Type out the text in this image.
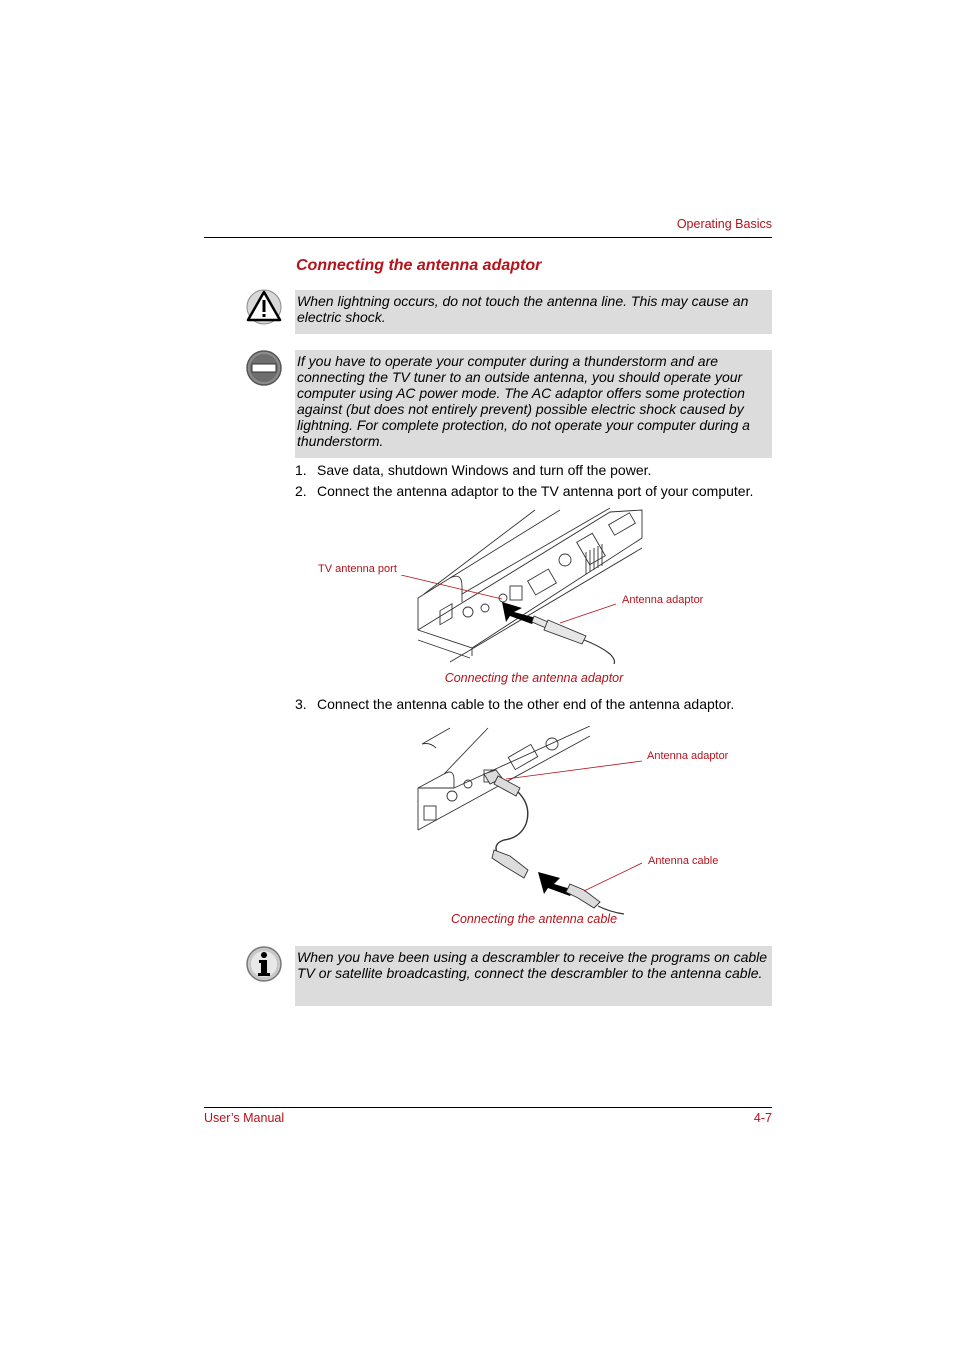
Operating Basics
Connecting the antenna adaptor
When lightning occurs, do not touch the antenna line. This may cause an electric shock.
If you have to operate your computer during a thunderstorm and are connecting the TV tuner to an outside antenna, you should operate your computer using AC power mode. The AC adaptor offers some protection against (but does not entirely prevent) possible electric shock caused by lightning. For complete protection, do not operate your computer during a thunderstorm.
1. Save data, shutdown Windows and turn off the power.
2. Connect the antenna adaptor to the TV antenna port of your computer.
TV antenna port
Antenna adaptor
Connecting the antenna adaptor
3. Connect the antenna cable to the other end of the antenna adaptor.
Antenna adaptor
Antenna cable
Connecting the antenna cable
When you have been using a descrambler to receive the programs on cable TV or satellite broadcasting, connect the descrambler to the antenna cable.
User’s Manual	4-7
